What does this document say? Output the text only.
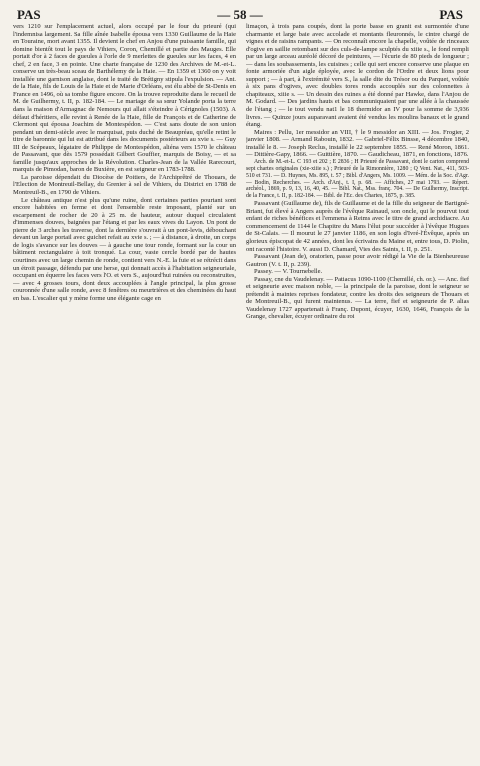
PAS	— 58 —	PAS

vers 1210 sur l'emplacement actuel, alors occupé par le four du prieuré (qui l'indemnisa largement. Sa fille aînée Isabelle épousa vers 1330 Guillaume de la Haie en Touraine, mort avant 1355. Il devient le chef en Anjou d'une puissante famille, qui domine bientôt tout le pays de Vihiers, Coron, Chemillé et partie des Mauges. Elle portait d'or à 2 faces de gueules à l'orle de 9 merlettes de gueules sur les faces, 4 en chef, 2 en face, 3 en pointe. Une charte française de 1230 des Archives de M.-et-L. conserve un très-beau sceau de Barthélemy de la Haie. — En 1359 et 1360 on y voit installée une garnison anglaise, dont le traité de Brétigny stipula l'expulsion. — Ant. de la Haie, fils de Louis de la Haie et de Marie d'Orléans, est élu abbé de St-Denis en France en 1496, où sa tombe figure encore. On la trouve reproduite dans le recueil de M. de Guilhermy, t. II, p. 182-184. — Le mariage de sa sœur Yolande porta la terre dans la maison d'Armagnac de Nemours qui allait s'éteindre à Cérignoles (1503). A défaut d'héritiers, elle revint à Renée de la Haie, fille de François et de Catherine de Clermont qui épousa Joachim de Montespédon. — C'est sans doute de son union pendant un demi-siècle avec le marquisat, puis duché de Beaupréau, qu'elle retint le titre de baronnie qui lui est attribué dans les documents postérieurs au xvie s. — Guy III de Scépeaux, légataire de Philippe de Montespédon, aliéna vers 1570 le château de Passavant, que dès 1579 possédait Gilbert Gouffier, marquis de Boisy, — et sa famille jusqu'aux approches de la Révolution. Charles-Jean de la Vallée Rarecourt, marquis de Pimodan, baron de Buxière, en est seigneur en 1783-1788.

La paroisse dépendait du Diocèse de Poitiers, de l'Archiprêtré de Thouars, de l'Election de Montreuil-Bellay, du Grenier à sel de Vihiers, du District en 1788 de Montreuil-B., en 1790 de Vihiers.

Le château antique n'est plus qu'une ruine, dont certaines parties pourtant sont encore habitées en ferme et dont l'ensemble reste imposant, planté sur un escarpement de rocher de 20 à 25 m. de hauteur, autour duquel circulaient d'immenses douves, baignées par l'étang et par les eaux vives du Layon. Un pont de pierre de 3 arches les traverse, dont la dernière s'ouvrait à un pont-levis, débouchant devant un large portail avec guichet refait au xvie s. ; — à distance, à droite, un corps de logis s'avance sur les douves — à gauche une tour ronde, formant sur la cour un bâtiment rectangulaire à toit tronqué. La cour, vaste cercle bordé par de hautes courtines avec un large chemin de ronde, contient vers N.-E. la fuie et se rétrécit dans un étroit passage, défendu par une herse, qui donnait accès à l'habitation seigneuriale, occupant en équerre les faces vers l'O. et vers S., aujourd'hui ruinées ou reconstruites, — avec 4 grosses tours, dont deux accouplées à l'angle principal, la plus grosse couronnée d'une salle ronde, avec 8 fenêtres ou meurtrières et des cheminées du haut en bas. L'escalier qui y mène forme une élégante cage en

limaçon, à trois pans coupés, dont la porte basse en granit est surmontée d'une charmante et large baie avec accolade et montants fleuronnés, le cintre chargé de vignes et de raisins rampants. — On reconnaît encore la chapelle, voûtée de rinceaux d'ogive en saillie retombant sur des culs-de-lampe sculptés du xiiie s., le fond rempli par un large arceau auréolé décoré de peintures, — l'écurie de 80 pieds de longueur ; — dans les soubassements, les cuisines ; celle qui sert encore conserve une plaque en fonte armoriée d'un aigle éployée, avec le cordon de l'Ordre et deux lions pour support ; — à part, à l'extrémité vers S., la salle dite du Trésor ou du Parquet, voûtée à six pans d'ogives, avec doubles tores ronds accouplés sur des colonnettes à chapiteaux, xiiie s. — Un dessin des ruines a été donné par Hawke, dans l'Anjou de M. Godard. — Des jardins hauts et bas communiquaient par une allée à la chaussée de l'étang ; — le tout vendu nat1 le 18 thermidor an IV pour la somme de 3,936 livres. — Quinze jours auparavant avaient été vendus les moulins banaux et le grand étang.

Maires : Pellu, 1er messidor an VIII, † le 9 messidor an XIII. — Jos. Frogier, 2 janvier 1808. — Armand Rabouin, 1832. — Gabriel-Félix Binsse, 4 décembre 1840, installé le 8. — Joseph Reclus, installé le 22 septembre 1855. — René Moron, 1861. — Dittière-Gapy, 1866. — Guittière, 1870. — Gaudicheau, 1871, en fonctions, 1876.

Arch. de M.-et-L. C 193 et 202 ; E 2836 ; H Prieuré de Passavant, dont le carton comprend sept chartes originales (xie-xiiie s.) ; Prieuré de la Rimonnière, 1280 ; Q Vent. Nat., 411, 503-510 et 731. — D. Huynes, Ms. 895, t. 57 ; Bibl. d'Angers, Ms. 1009. — Mém. de la Soc. d'Agr. — Bodin, Recherches. — Arch. d'Anj., t. I, p. 68. — Affiches, 27 mai 1793. — Répert. archéol., 1869, p. 9, 13, 16, 40, 45. — Bibl. Nat., Mss. franç. 704. — De Guilhermy, Inscript. de la France, t. II, p. 182-184. — Bibl. de l'Ec. des Chartes, 1875, p. 385.

Passavant (Guillaume de), fils de Guillaume et de la fille du seigneur de Bartigné-Briant, fut élevé à Angers auprès de l'évêque Rainaud, son oncle, qui le pourvut tout enfant de riches bénéfices et l'emmena à Reims avec le titre de grand archidiacre. Au commencement de 1144 le Chapitre du Mans l'élut pour succéder à l'évêque Hugues de St-Calais. — Il mourut le 27 janvier 1186, en son logis d'Ivré-l'Évêque, après un glorieux épiscopat de 42 années, dont les écrivains du Maine et, entre tous, D. Piolin, ont raconté l'histoire. V. aussi D. Chamard, Vies des Saints, t. II, p. 251.

Passavant (Jean de), oratorien, passe pour avoir rédigé la Vie de la Bienheureuse Gautron (V. t. II, p. 239).

Passey. — V. Tournebelle.

Passay, cne du Vaudelenay. — Patiacus 1090-1100 (Chemillé, ch. or.). — Anc. fief et seigneurie avec maison noble, — la principale de la paroisse, dont le seigneur se prétendit à maintes reprises fondateur, contre les droits des seigneurs de Thouars et de Montreuil-B., qui furent maintenus. — La terre, fief et seigneurie de P. alias Vaudelenay 1727 appartenait à Franç. Dupont, écuyer, 1630, 1646, François de la Grange, chevalier, écuyer ordinaire du roi
